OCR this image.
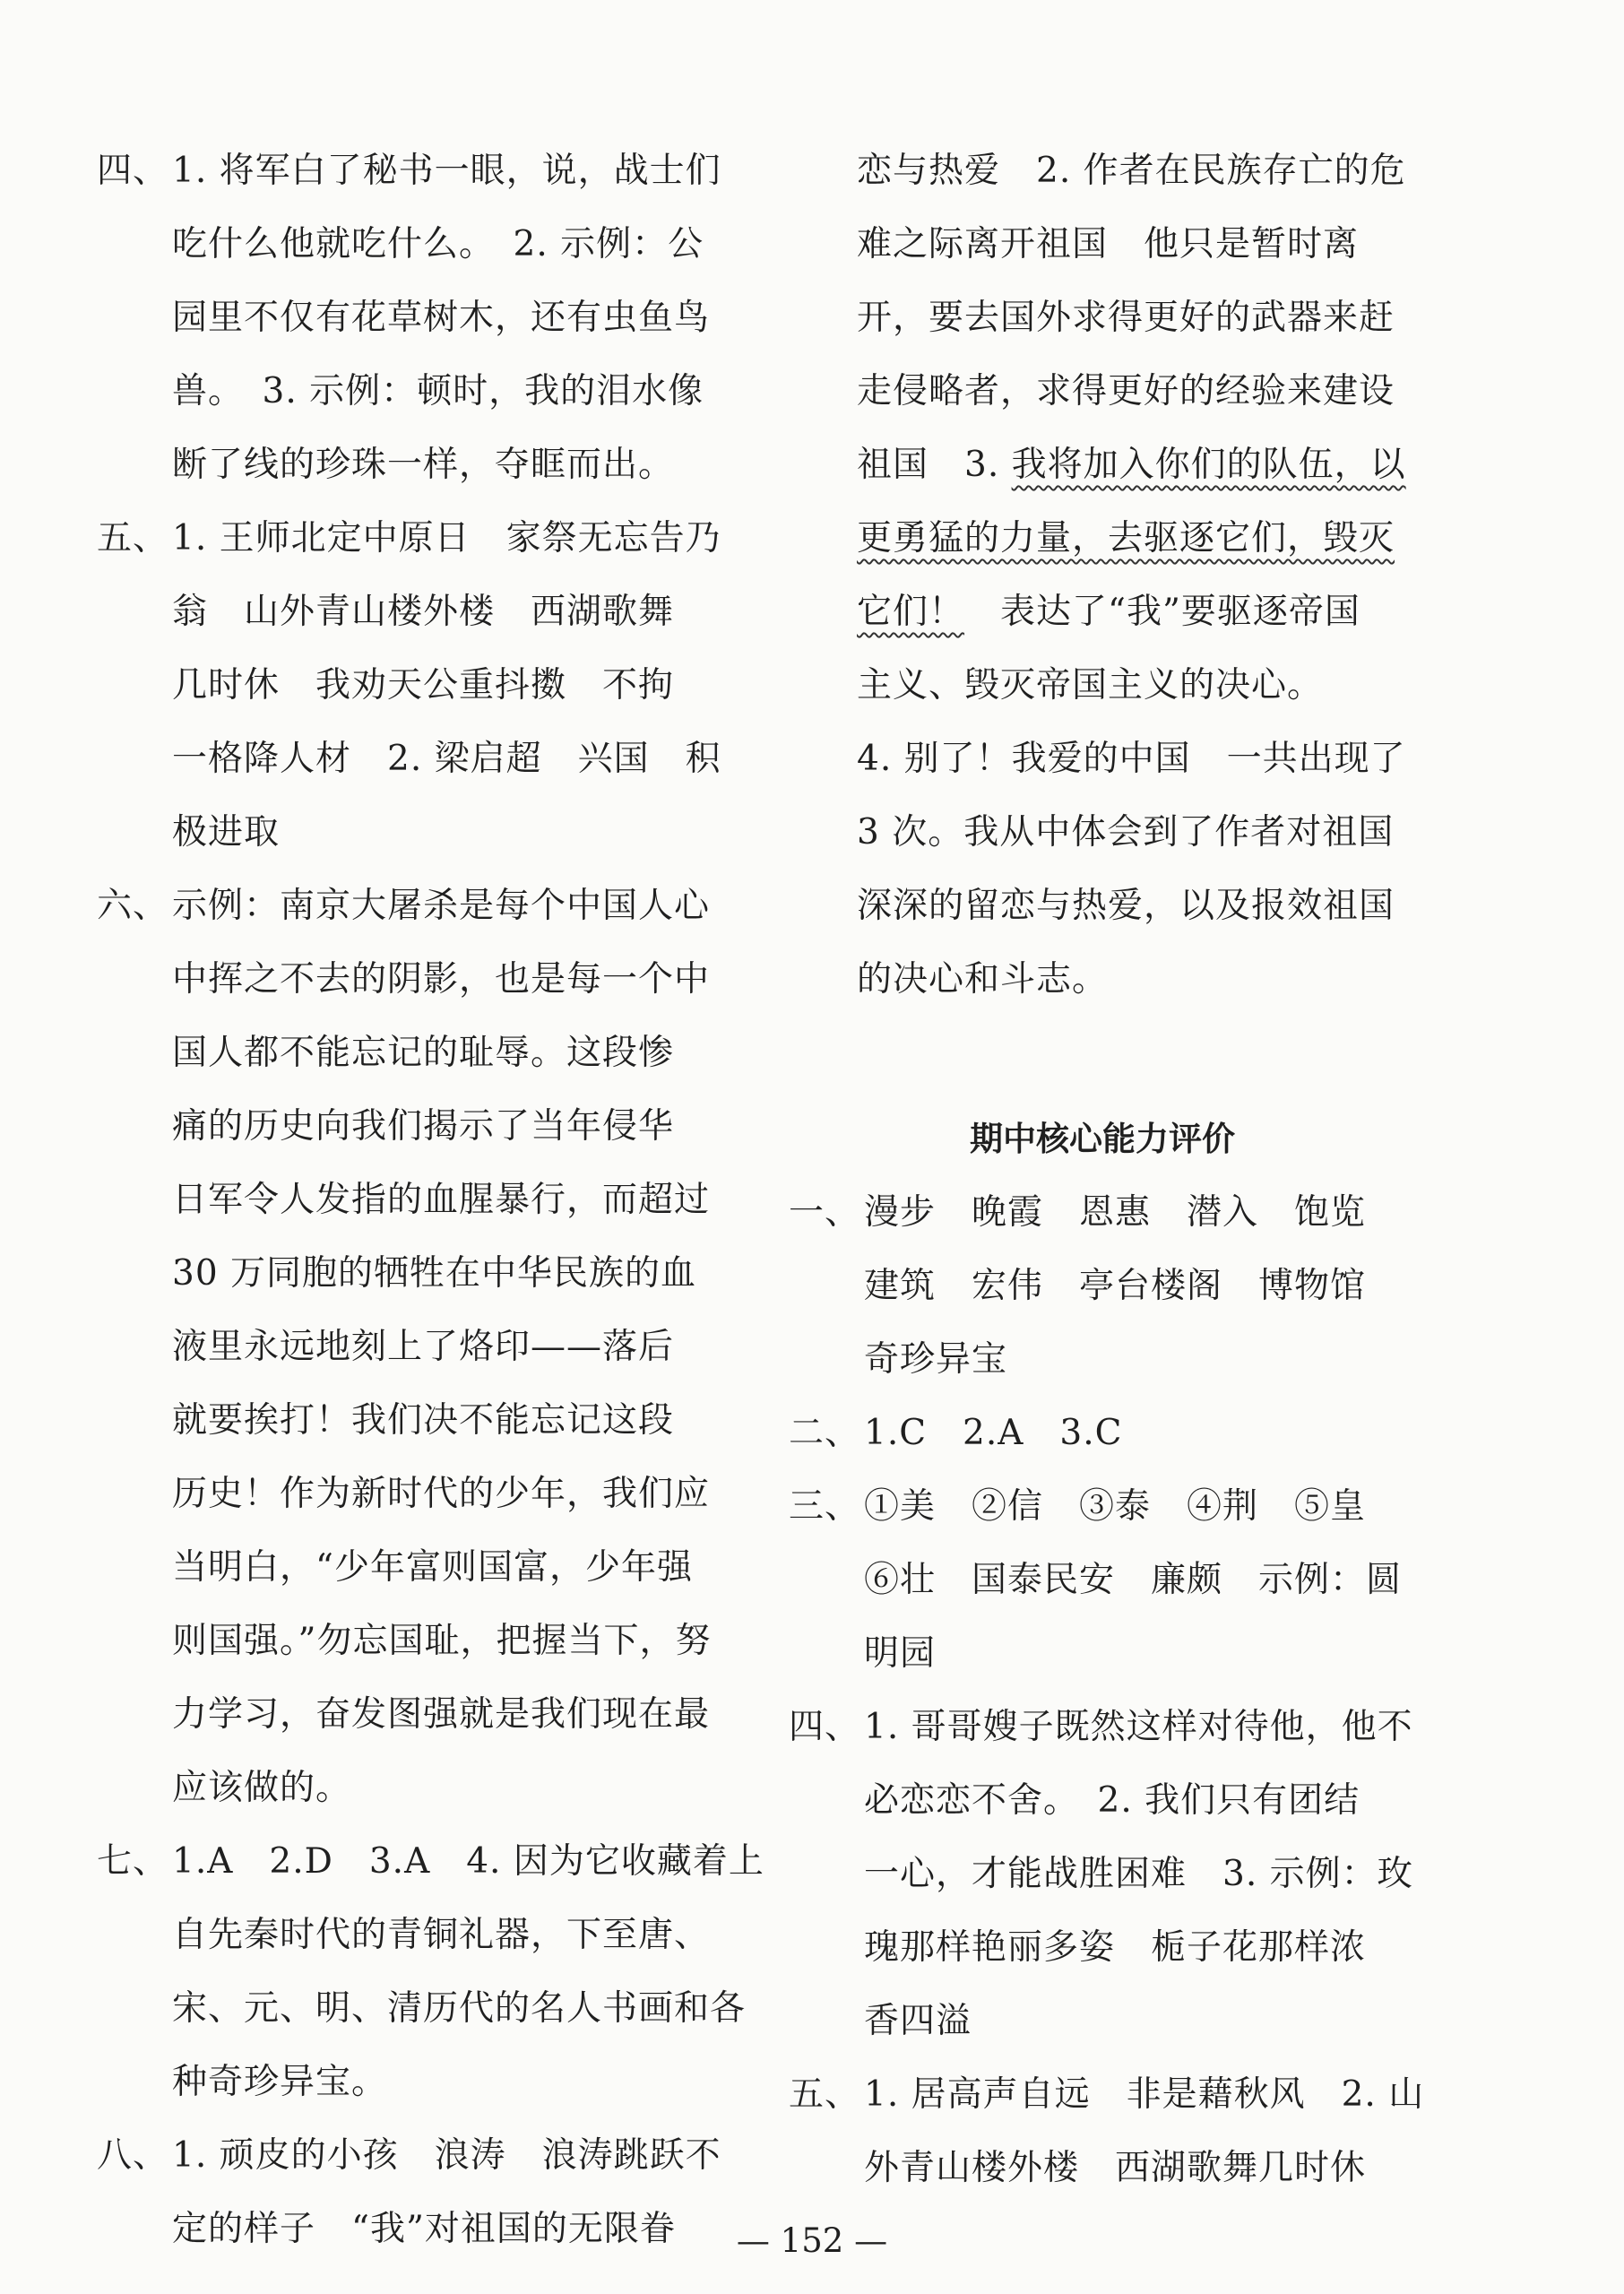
四、 1. 将军白了秘书一眼，说，战士们
吃什么他就吃什么。　2. 示例：公
园里不仅有花草树木，还有虫鱼鸟
兽。　3. 示例：顿时，我的泪水像
断了线的珍珠一样，夺眶而出。
五、 1. 王师北定中原日　家祭无忘告乃
翁　山外青山楼外楼　西湖歌舞
几时休　我劝天公重抖擞　不拘
一格降人材　2. 梁启超　兴国　积
极进取
六、 示例：南京大屠杀是每个中国人心
中挥之不去的阴影，也是每一个中
国人都不能忘记的耻辱。这段惨
痛的历史向我们揭示了当年侵华
日军令人发指的血腥暴行，而超过
30 万同胞的牺牲在中华民族的血
液里永远地刻上了烙印——落后
就要挨打！我们决不能忘记这段
历史！作为新时代的少年，我们应
当明白，“少年富则国富，少年强
则国强。”勿忘国耻，把握当下，努
力学习，奋发图强就是我们现在最
应该做的。
七、 1.A　2.D　3.A　4. 因为它收藏着上
自先秦时代的青铜礼器，下至唐、
宋、元、明、清历代的名人书画和各
种奇珍异宝。
八、 1. 顽皮的小孩　浪涛　浪涛跳跃不
定的样子　“我”对祖国的无限眷
恋与热爱　2. 作者在民族存亡的危
难之际离开祖国　他只是暂时离
开，要去国外求得更好的武器来赶
走侵略者，求得更好的经验来建设
祖国　3. 我将加入你们的队伍，以
更勇猛的力量，去驱逐它们，毁灭
它们！　表达了“我”要驱逐帝国
主义、毁灭帝国主义的决心。
4. 别了！我爱的中国　一共出现了
3 次。我从中体会到了作者对祖国
深深的留恋与热爱，以及报效祖国
的决心和斗志。
期中核心能力评价
一、 漫步　晚霞　恩惠　潜入　饱览
建筑　宏伟　亭台楼阁　博物馆
奇珍异宝
二、 1.C　2.A　3.C
三、 ①美　②信　③泰　④荆　⑤皇
⑥壮　国泰民安　廉颇　示例：圆
明园
四、 1. 哥哥嫂子既然这样对待他，他不
必恋恋不舍。　2. 我们只有团结
一心，才能战胜困难　3. 示例：玫
瑰那样艳丽多姿　栀子花那样浓
香四溢
五、 1. 居高声自远　非是藉秋风　2. 山
外青山楼外楼　西湖歌舞几时休
— 152 —
